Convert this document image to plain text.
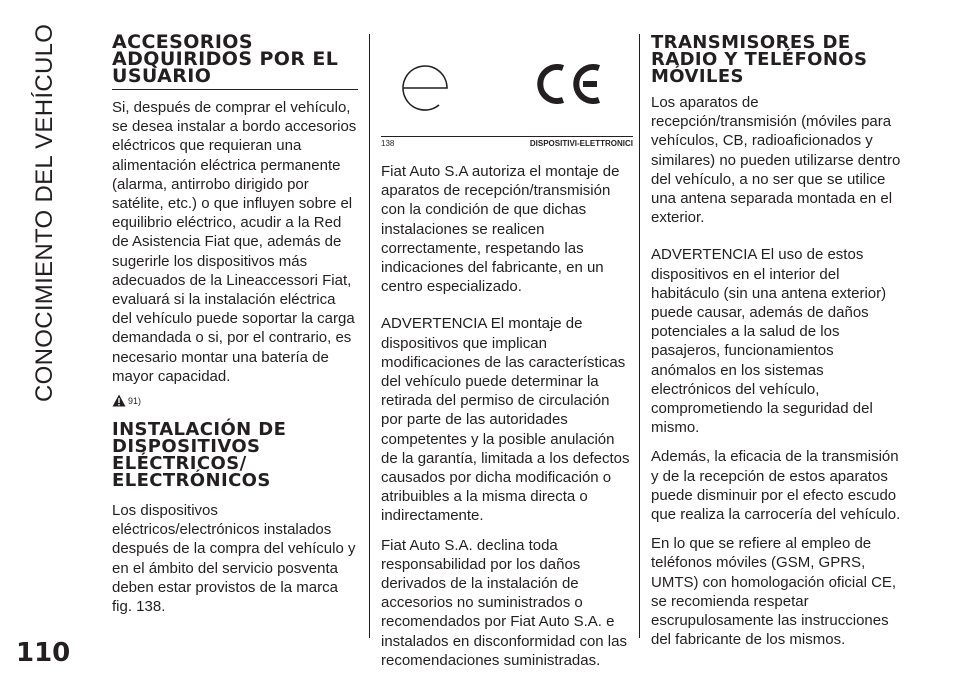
CONOCIMIENTO DEL VEHÍCULO
110
ACCESORIOS ADQUIRIDOS POR EL USUARIO

Si, después de comprar el vehículo, se desea instalar a bordo accesorios eléctricos que requieran una alimentación eléctrica permanente (alarma, antirrobo dirigido por satélite, etc.) o que influyen sobre el equilibrio eléctrico, acudir a la Red de Asistencia Fiat que, además de sugerirle los dispositivos más adecuados de la Lineaccessori Fiat, evaluará si la instalación eléctrica del vehículo puede soportar la carga demandada o si, por el contrario, es necesario montar una batería de mayor capacidad.

91)
INSTALACIÓN DE DISPOSITIVOS ELÉCTRICOS/ ELECTRÓNICOS

Los dispositivos eléctricos/electrónicos instalados después de la compra del vehículo y en el ámbito del servicio posventa deben estar provistos de la marca fig. 138.

138	DISPOSITIVI-ELETTRONICI

Fiat Auto S.A autoriza el montaje de aparatos de recepción/transmisión con la condición de que dichas instalaciones se realicen correctamente, respetando las indicaciones del fabricante, en un centro especializado.

ADVERTENCIA El montaje de dispositivos que implican modificaciones de las características del vehículo puede determinar la retirada del permiso de circulación por parte de las autoridades competentes y la posible anulación de la garantía, limitada a los defectos causados por dicha modificación o atribuibles a la misma directa o indirectamente.

Fiat Auto S.A. declina toda responsabilidad por los daños derivados de la instalación de accesorios no suministrados o recomendados por Fiat Auto S.A. e instalados en disconformidad con las recomendaciones suministradas.

TRANSMISORES DE RADIO Y TELÉFONOS MÓVILES

Los aparatos de recepción/transmisión (móviles para vehículos, CB, radioaficionados y similares) no pueden utilizarse dentro del vehículo, a no ser que se utilice una antena separada montada en el exterior.

ADVERTENCIA El uso de estos dispositivos en el interior del habitáculo (sin una antena exterior) puede causar, además de daños potenciales a la salud de los pasajeros, funcionamientos anómalos en los sistemas electrónicos del vehículo, comprometiendo la seguridad del mismo.

Además, la eficacia de la transmisión y de la recepción de estos aparatos puede disminuir por el efecto escudo que realiza la carrocería del vehículo.

En lo que se refiere al empleo de teléfonos móviles (GSM, GPRS, UMTS) con homologación oficial CE, se recomienda respetar escrupulosamente las instrucciones del fabricante de los mismos.
